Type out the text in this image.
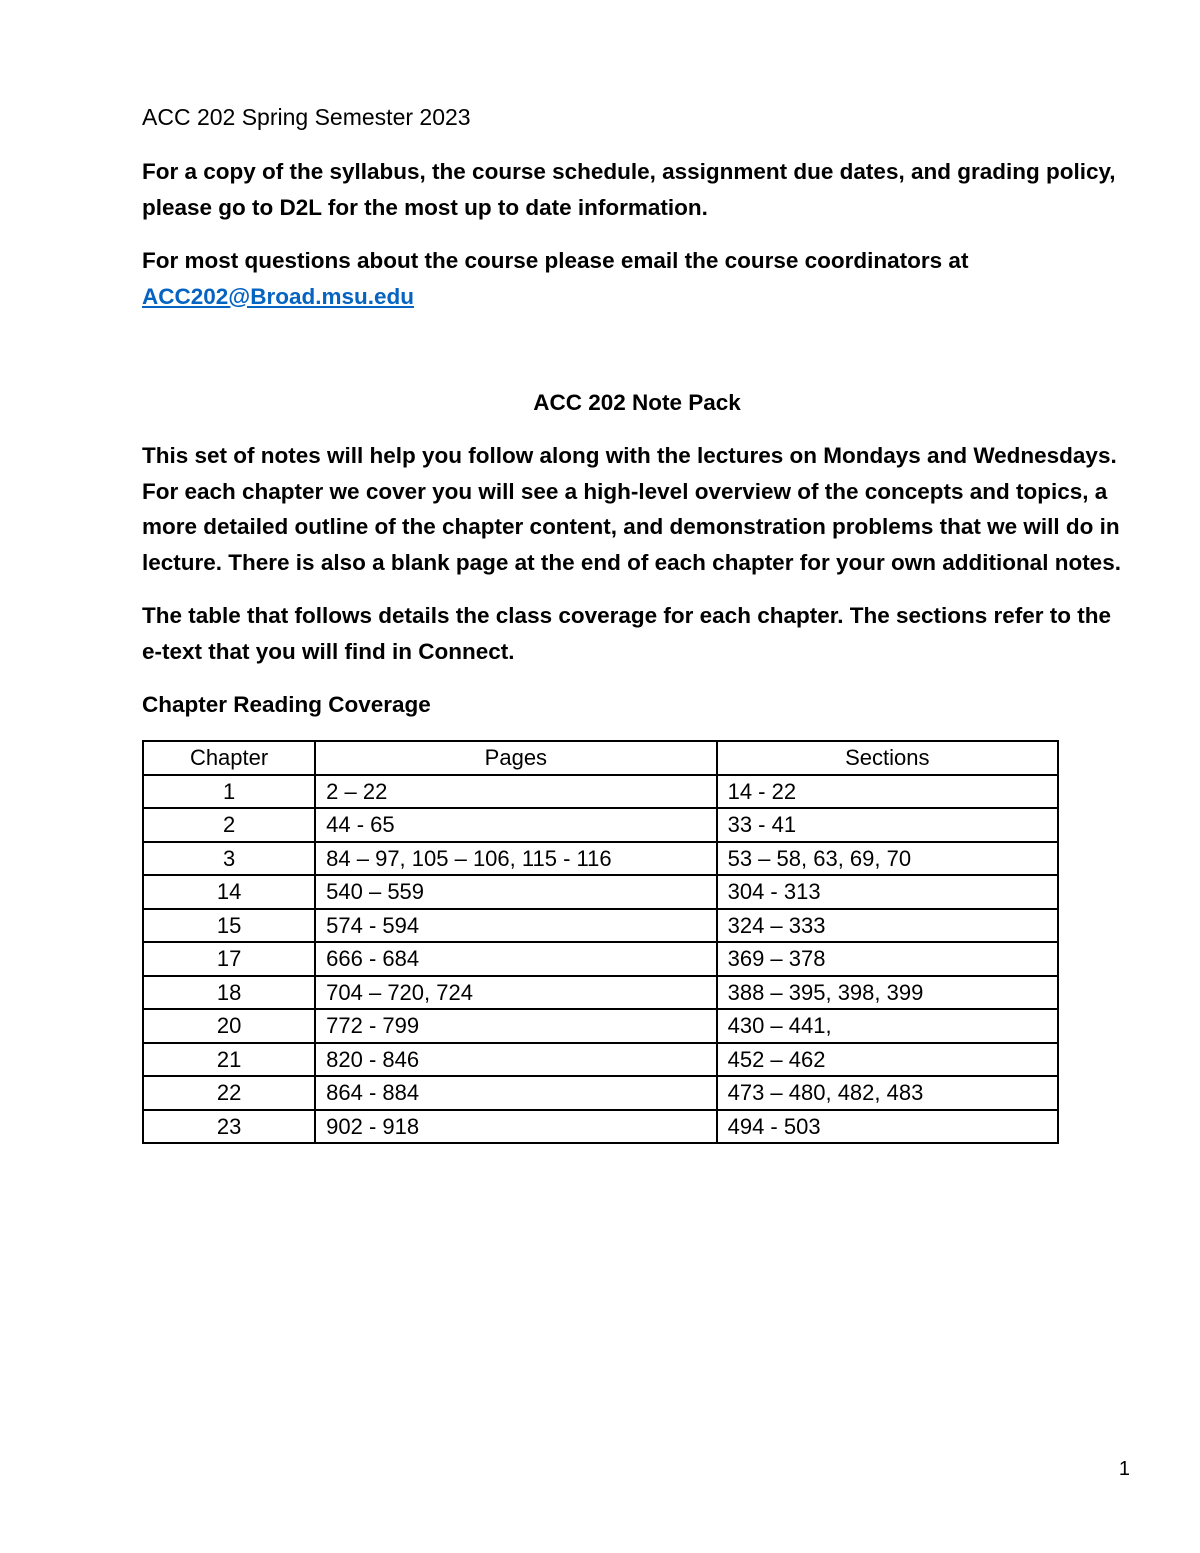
ACC 202 Spring Semester 2023

For a copy of the syllabus, the course schedule, assignment due dates, and grading policy, please go to D2L for the most up to date information.

For most questions about the course please email the course coordinators at
ACC202@Broad.msu.edu

ACC 202 Note Pack

This set of notes will help you follow along with the lectures on Mondays and Wednesdays. For each chapter we cover you will see a high-level overview of the concepts and topics, a more detailed outline of the chapter content, and demonstration problems that we will do in lecture. There is also a blank page at the end of each chapter for your own additional notes.

The table that follows details the class coverage for each chapter. The sections refer to the e-text that you will find in Connect.

Chapter Reading Coverage

Chapter	Pages	Sections
1	2 – 22	14 - 22
2	44 - 65	33 - 41
3	84 – 97, 105 – 106, 115 - 116	53 – 58, 63, 69, 70
14	540 – 559	304 - 313
15	574 - 594	324 – 333
17	666 - 684	369 – 378
18	704 – 720, 724	388 – 395, 398, 399
20	772 - 799	430 – 441,
21	820 - 846	452 – 462
22	864 - 884	473 – 480, 482, 483
23	902 - 918	494 - 503
1
